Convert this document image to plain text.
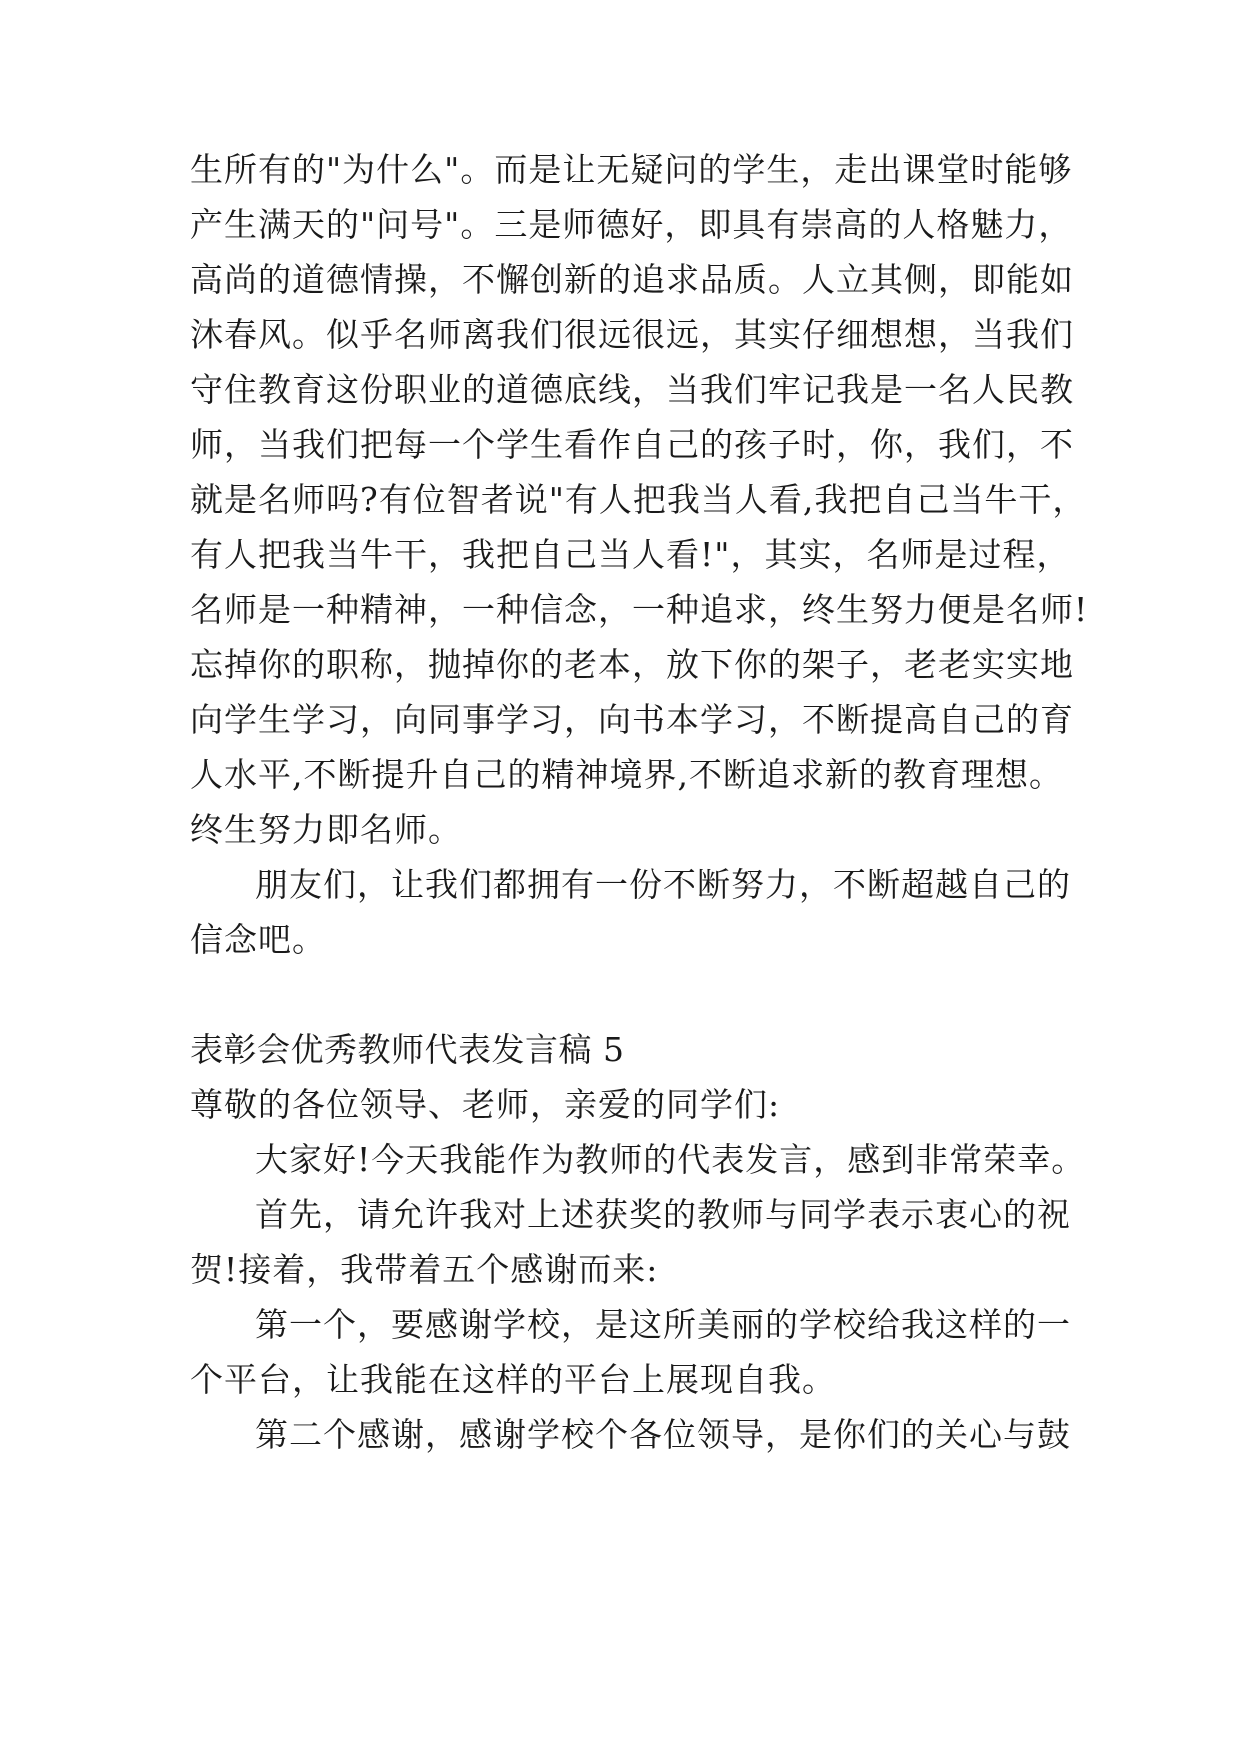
生所有的"为什么"。而是让无疑问的学生，走出课堂时能够
产生满天的"问号"。三是师德好，即具有崇高的人格魅力，
高尚的道德情操，不懈创新的追求品质。人立其侧，即能如
沐春风。似乎名师离我们很远很远，其实仔细想想，当我们
守住教育这份职业的道德底线，当我们牢记我是一名人民教
师，当我们把每一个学生看作自己的孩子时，你，我们，不
就是名师吗?有位智者说"有人把我当人看,我把自己当牛干，
有人把我当牛干，我把自己当人看!"，其实，名师是过程，
名师是一种精神，一种信念，一种追求，终生努力便是名师!
忘掉你的职称，抛掉你的老本，放下你的架子，老老实实地
向学生学习，向同事学习，向书本学习，不断提高自己的育
人水平,不断提升自己的精神境界,不断追求新的教育理想。
终生努力即名师。
朋友们，让我们都拥有一份不断努力，不断超越自己的
信念吧。
表彰会优秀教师代表发言稿 5
尊敬的各位领导、老师，亲爱的同学们:
大家好!今天我能作为教师的代表发言，感到非常荣幸。
首先，请允许我对上述获奖的教师与同学表示衷心的祝
贺!接着，我带着五个感谢而来:
第一个，要感谢学校，是这所美丽的学校给我这样的一
个平台，让我能在这样的平台上展现自我。
第二个感谢，感谢学校个各位领导，是你们的关心与鼓
